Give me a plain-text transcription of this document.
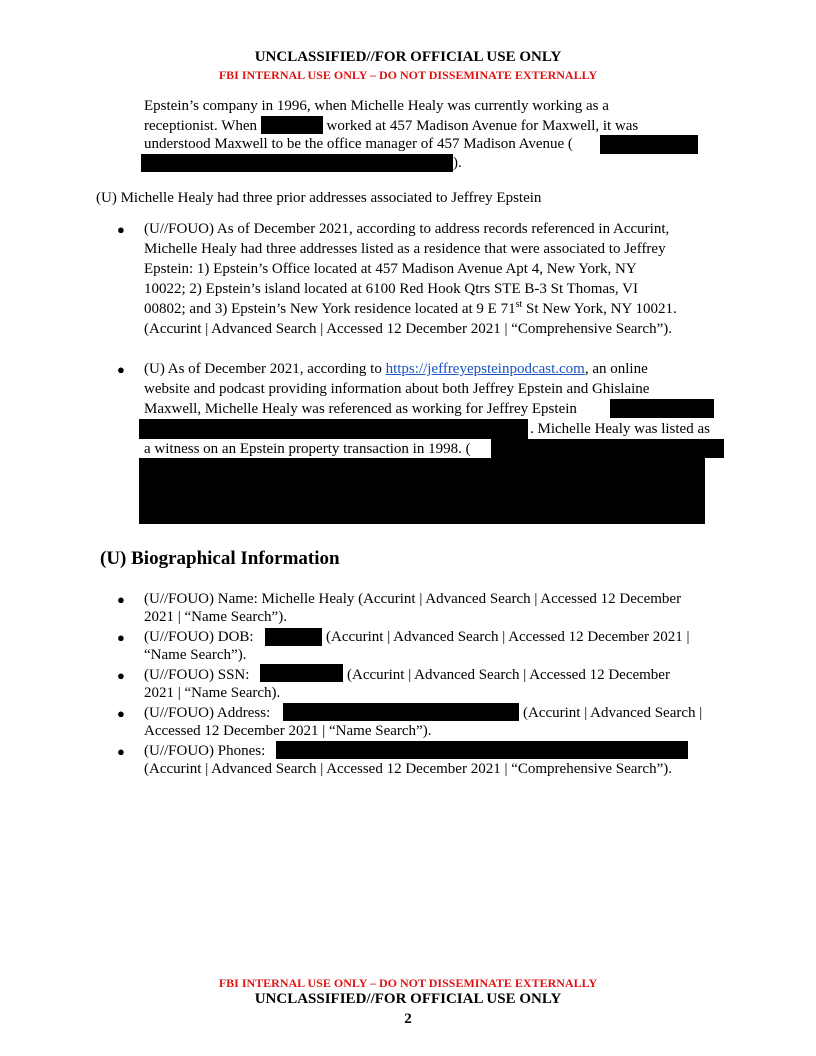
UNCLASSIFIED//FOR OFFICIAL USE ONLY
FBI INTERNAL USE ONLY – DO NOT DISSEMINATE EXTERNALLY
Epstein’s company in 1996, when Michelle Healy was currently working as a
receptionist. When	worked at 457 Madison Avenue for Maxwell, it was
understood Maxwell to be the office manager of 457 Madison Avenue (
).
(U) Michelle Healy had three prior addresses associated to Jeffrey Epstein
● (U//FOUO) As of December 2021, according to address records referenced in Accurint,
Michelle Healy had three addresses listed as a residence that were associated to Jeffrey
Epstein: 1) Epstein’s Office located at 457 Madison Avenue Apt 4, New York, NY
10022; 2) Epstein’s island located at 6100 Red Hook Qtrs STE B-3 St Thomas, VI
00802; and 3) Epstein’s New York residence located at 9 E 71st St New York, NY 10021.
(Accurint | Advanced Search | Accessed 12 December 2021 | “Comprehensive Search”).
● (U) As of December 2021, according to https://jeffreyepsteinpodcast.com, an online
website and podcast providing information about both Jeffrey Epstein and Ghislaine
Maxwell, Michelle Healy was referenced as working for Jeffrey Epstein
. Michelle Healy was listed as
a witness on an Epstein property transaction in 1998. (
(U) Biographical Information
● (U//FOUO) Name: Michelle Healy (Accurint | Advanced Search | Accessed 12 December
2021 | “Name Search”).
● (U//FOUO) DOB:	(Accurint | Advanced Search | Accessed 12 December 2021 |
“Name Search”).
● (U//FOUO) SSN:	(Accurint | Advanced Search | Accessed 12 December
2021 | “Name Search).
● (U//FOUO) Address:	(Accurint | Advanced Search |
Accessed 12 December 2021 | “Name Search”).
● (U//FOUO) Phones:
(Accurint | Advanced Search | Accessed 12 December 2021 | “Comprehensive Search”).
FBI INTERNAL USE ONLY – DO NOT DISSEMINATE EXTERNALLY
UNCLASSIFIED//FOR OFFICIAL USE ONLY
2
